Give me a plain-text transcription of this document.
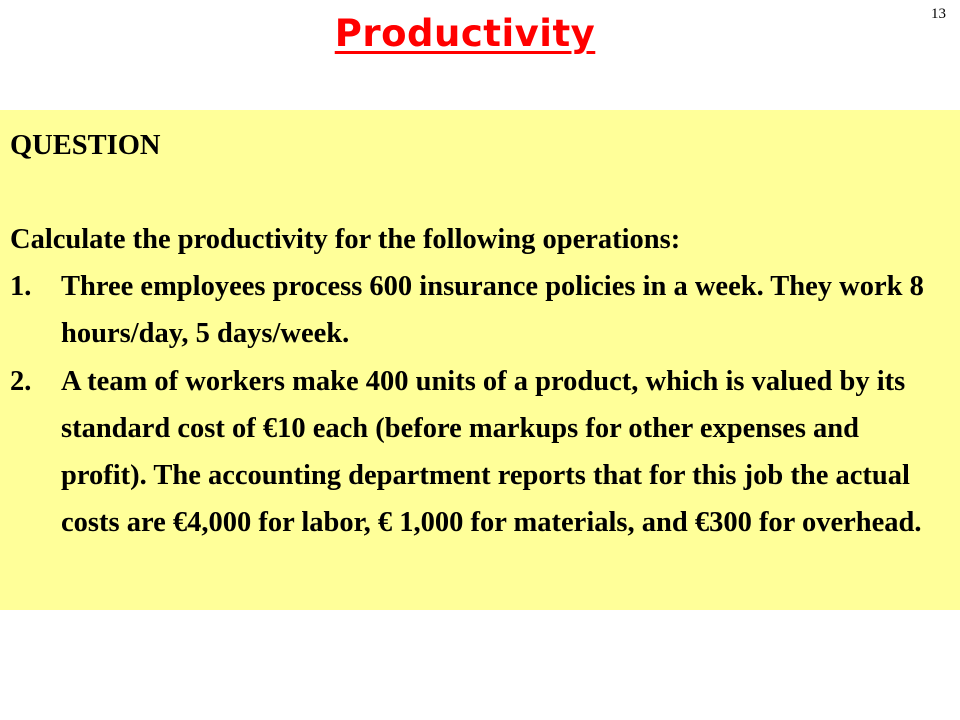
Productivity	13

QUESTION

Calculate the productivity for the following operations:

1. Three employees process 600 insurance policies in a week. They work 8 hours/day, 5 days/week.
2. A team of workers make 400 units of a product, which is valued by its standard cost of €10 each (before markups for other expenses and profit). The accounting department reports that for this job the actual costs are €4,000 for labor, € 1,000 for materials, and €300 for overhead.
